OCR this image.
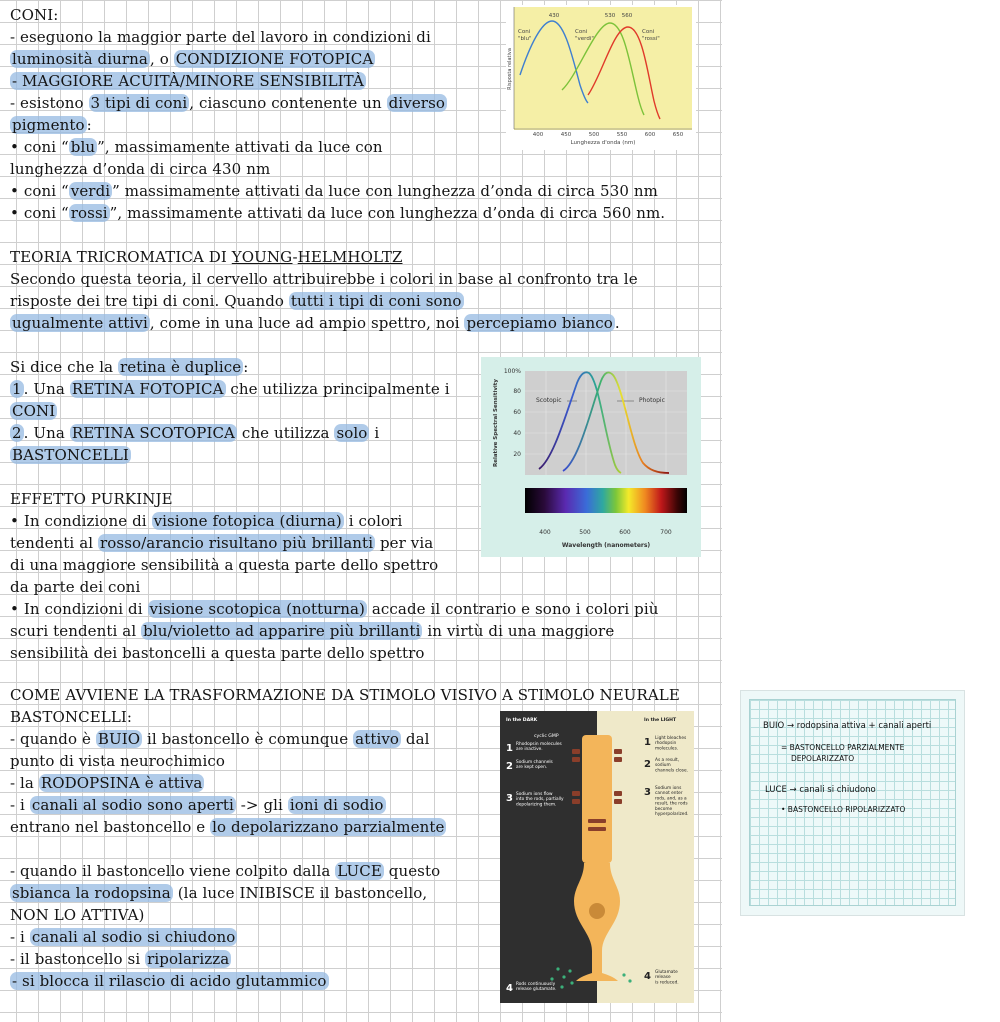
CONI:
- eseguono la maggior parte del lavoro in condizioni di
luminosità diurna , o CONDIZIONE FOTOPICA
- MAGGIORE ACUITÀ/MINORE SENSIBILITÀ
- esistono 3 tipi di coni , ciascuno contenente un diverso
pigmento :
• coni “ blu ”, massimamente attivati da luce con
lunghezza d’onda di circa 430 nm
• coni “ verdi ” massimamente attivati da luce con lunghezza d’onda di circa 530 nm
• coni “ rossi ”, massimamente attivati da luce con lunghezza d’onda di circa 560 nm.
TEORIA TRICROMATICA DI YOUNG-HELMHOLTZ
Secondo questa teoria, il cervello attribuirebbe i colori in base al confronto tra le
risposte dei tre tipi di coni. Quando tutti i tipi di coni sono
ugualmente attivi , come in una luce ad ampio spettro, noi percepiamo bianco .
Si dice che la retina è duplice :
1 . Una RETINA FOTOPICA che utilizza principalmente i
CONI
2 . Una RETINA SCOTOPICA che utilizza solo i
BASTONCELLI
EFFETTO PURKINJE
• In condizione di visione fotopica (diurna) i colori
tendenti al rosso/arancio risultano più brillanti per via
di una maggiore sensibilità a questa parte dello spettro
da parte dei coni
• In condizioni di visione scotopica (notturna) accade il contrario e sono i colori più
scuri tendenti al blu/violetto ad apparire più brillanti in virtù di una maggiore
sensibilità dei bastoncelli a questa parte dello spettro
COME AVVIENE LA TRASFORMAZIONE DA STIMOLO VISIVO A STIMOLO NEURALE
BASTONCELLI:
- quando è BUIO il bastoncello è comunque attivo dal
punto di vista neurochimico
- la RODOPSINA è attiva
- i canali al sodio sono aperti -> gli ioni di sodio
entrano nel bastoncello e lo depolarizzano parzialmente
- quando il bastoncello viene colpito dalla LUCE questo
sbianca la rodopsina (la luce INIBISCE il bastoncello,
NON LO ATTIVA)
- i canali al sodio si chiudono
- il bastoncello si ripolarizza
- si blocca il rilascio di acido glutammico
430	530 560
Coni
"blu"
Coni
"verdi"
Coni
"rossi"
Risposta relativa
400	450	500	550	600	650
Lunghezza d'onda (nm)
100%
80
60
40
20
Relative Spectral Sensitivity	Scotopic	Photopic
400	500	600	700
Wavelength (nanometers)
In the DARK	In the LIGHT
cyclic GMP
1 Rhodopsin molecules
are inactive.
2 Sodium channels
are kept open.
3 Sodium ions flow
into the rods, partially
depolarizing them.
4 Rods continuously
release glutamate.
1 Light bleaches
rhodopsin
molecules.
2 As a result,
sodium
channels close.
3 Sodium ions
cannot enter
rods, and, as a
result, the rods
become
hyperpolarized.
4 Glutamate
release
is reduced.
BUIO → rodopsina attiva + canali aperti
= BASTONCELLO PARZIALMENTE
DEPOLARIZZATO
LUCE → canali si chiudono
• BASTONCELLO RIPOLARIZZATO
